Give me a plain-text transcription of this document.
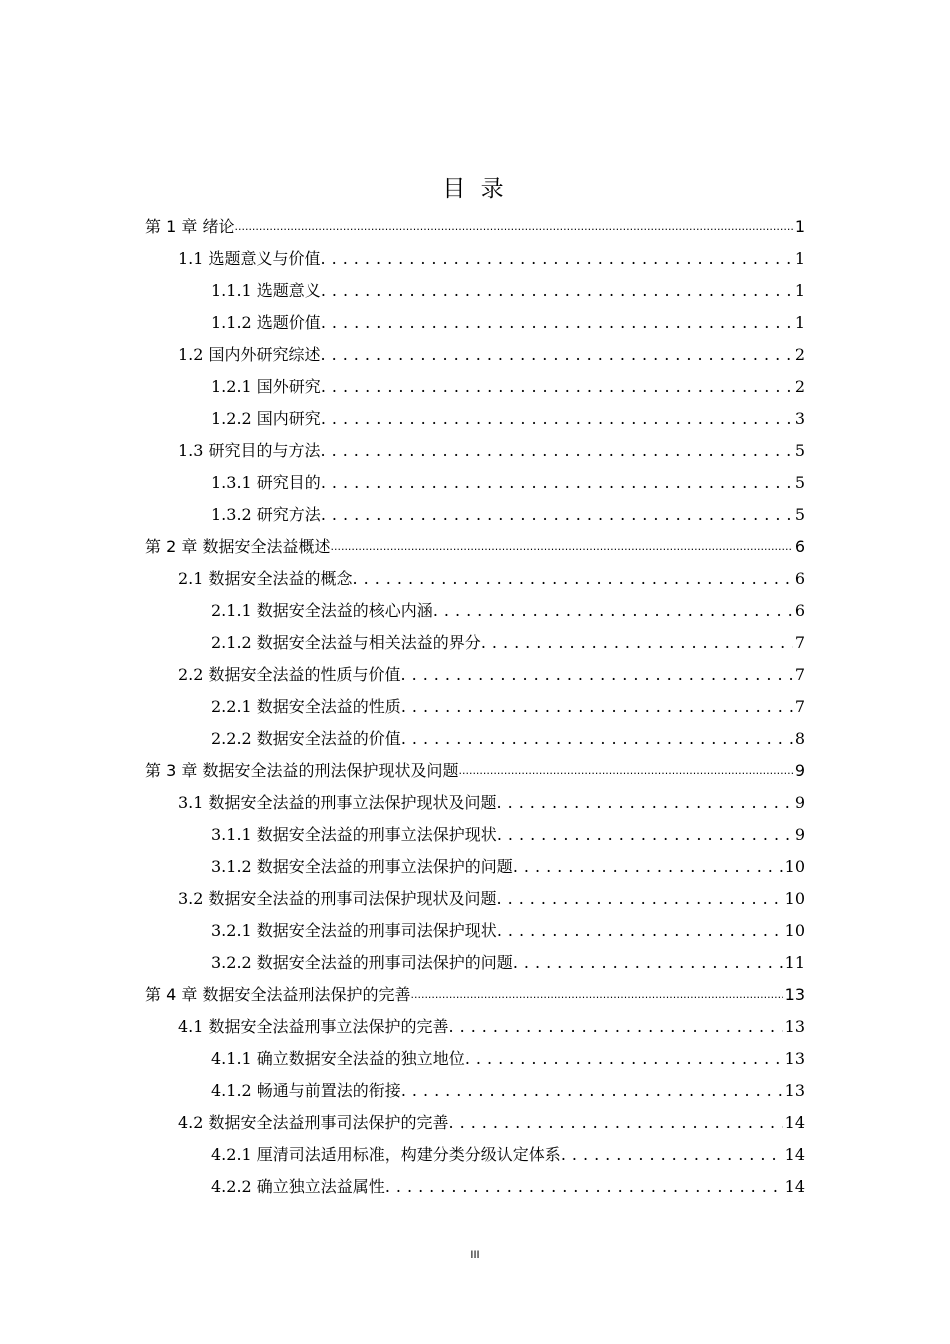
目 录
第 1 章 绪论 .....	1
1.1 选题意义与价值 .....	1
1.1.1 选题意义 .....	1
1.1.2 选题价值 .....	1
1.2 国内外研究综述 .....	2
1.2.1 国外研究 .....	2
1.2.2 国内研究 .....	3
1.3 研究目的与方法 .....	5
1.3.1 研究目的 .....	5
1.3.2 研究方法 .....	5
第 2 章 数据安全法益概述 .....	6
2.1 数据安全法益的概念 .....	6
2.1.1 数据安全法益的核心内涵 .....	6
2.1.2 数据安全法益与相关法益的界分 .....	7
2.2 数据安全法益的性质与价值 .....	7
2.2.1 数据安全法益的性质 .....	7
2.2.2 数据安全法益的价值 .....	8
第 3 章 数据安全法益的刑法保护现状及问题 .....	9
3.1 数据安全法益的刑事立法保护现状及问题 .....	9
3.1.1 数据安全法益的刑事立法保护现状 .....	9
3.1.2 数据安全法益的刑事立法保护的问题 .....	10
3.2 数据安全法益的刑事司法保护现状及问题 .....	10
3.2.1 数据安全法益的刑事司法保护现状 .....	10
3.2.2 数据安全法益的刑事司法保护的问题 .....	11
第 4 章 数据安全法益刑法保护的完善 .....	13
4.1 数据安全法益刑事立法保护的完善 .....	13
4.1.1 确立数据安全法益的独立地位 .....	13
4.1.2 畅通与前置法的衔接 .....	13
4.2 数据安全法益刑事司法保护的完善 .....	14
4.2.1 厘清司法适用标准，构建分类分级认定体系 .....	14
4.2.2 确立独立法益属性 .....	14
III
